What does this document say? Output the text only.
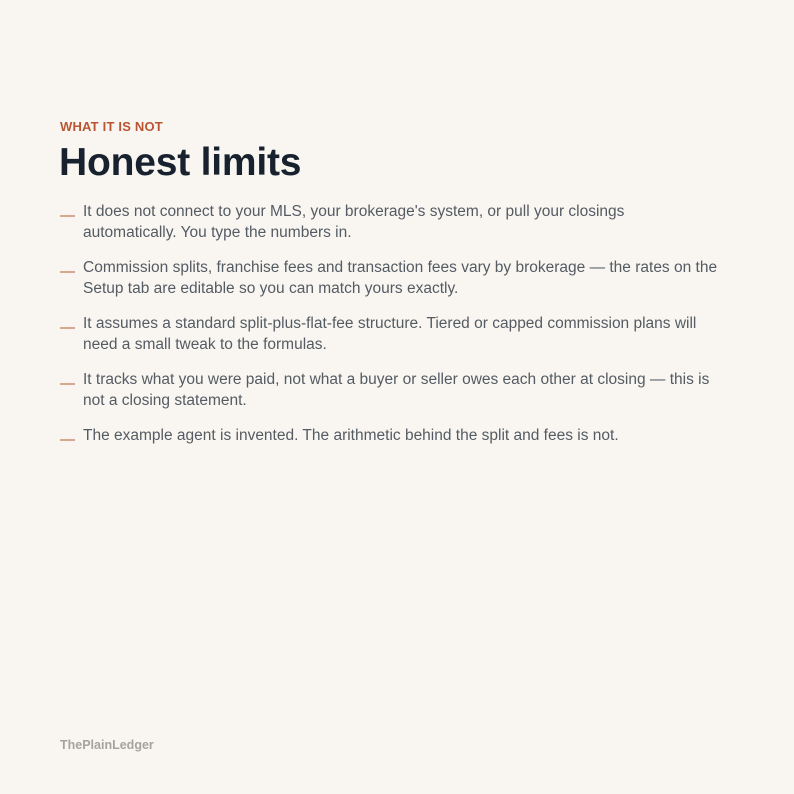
WHAT IT IS NOT

Honest limits
— It does not connect to your MLS, your brokerage's system, or pull your closings automatically. You type the numbers in.
— Commission splits, franchise fees and transaction fees vary by brokerage — the rates on the Setup tab are editable so you can match yours exactly.
— It assumes a standard split-plus-flat-fee structure. Tiered or capped commission plans will need a small tweak to the formulas.
— It tracks what you were paid, not what a buyer or seller owes each other at closing — this is not a closing statement.
— The example agent is invented. The arithmetic behind the split and fees is not.

ThePlainLedger
